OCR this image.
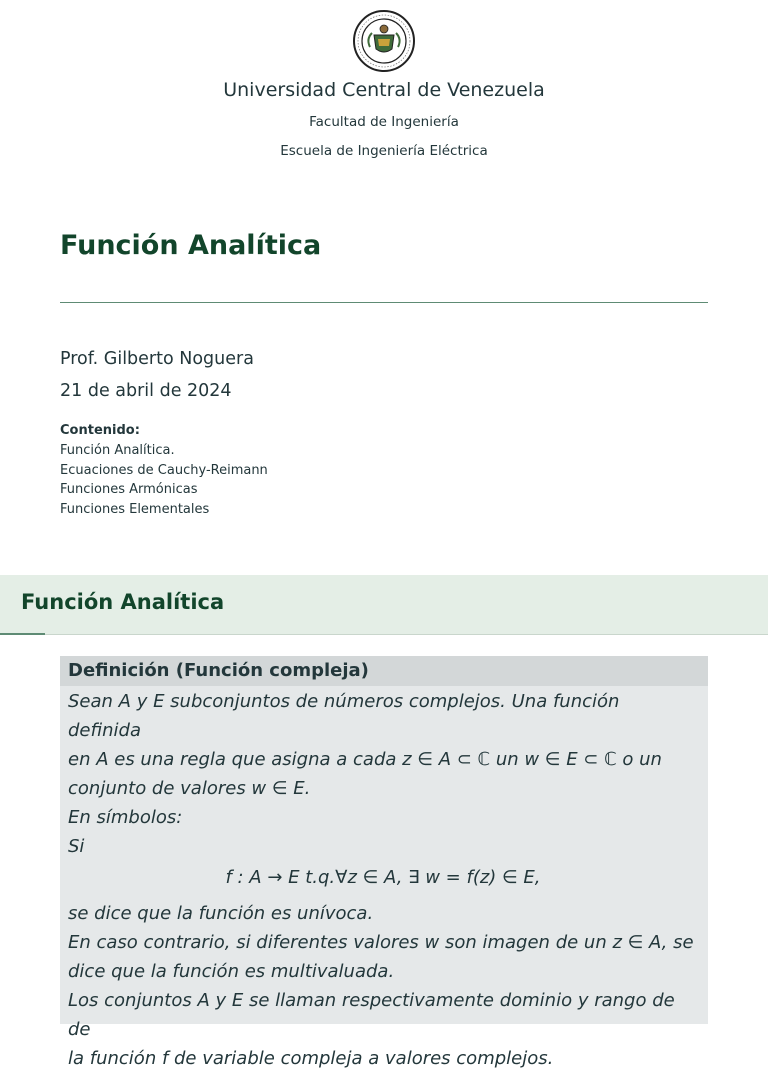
Universidad Central de Venezuela
Facultad de Ingeniería
Escuela de Ingeniería Eléctrica
Función Analítica
Prof. Gilberto Noguera
21 de abril de 2024
Contenido:
Función Analítica.
Ecuaciones de Cauchy-Reimann
Funciones Armónicas
Funciones Elementales
Función Analítica
Definición (Función compleja)

Sean A y E subconjuntos de números complejos. Una función definida

en A es una regla que asigna a cada z ∈ A ⊂ ℂ un w ∈ E ⊂ ℂ o un

conjunto de valores w ∈ E.

En símbolos:

Si

f : A → E t.q.∀z ∈ A, ∃ w = f(z) ∈ E,

se dice que la función es unívoca.

En caso contrario, si diferentes valores w son imagen de un z ∈ A, se

dice que la función es multivaluada.

Los conjuntos A y E se llaman respectivamente dominio y rango de de

la función f de variable compleja a valores complejos.
